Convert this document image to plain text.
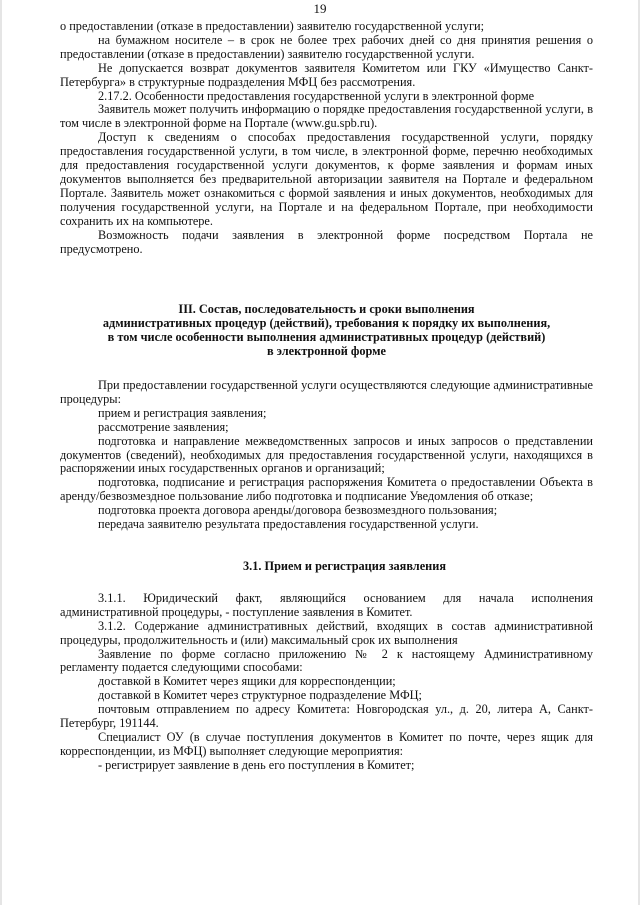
19

о предоставлении (отказе в предоставлении) заявителю государственной услуги;

на бумажном носителе – в срок не более трех рабочих дней со дня принятия решения о предоставлении (отказе в предоставлении) заявителю государственной услуги.

Не допускается возврат документов заявителя Комитетом или ГКУ «Имущество Санкт-Петербурга» в структурные подразделения МФЦ без рассмотрения.

2.17.2. Особенности предоставления государственной услуги в электронной форме

Заявитель может получить информацию о порядке предоставления государственной услуги, в том числе в электронной форме на Портале (www.gu.spb.ru).

Доступ к сведениям о способах предоставления государственной услуги, порядку предоставления государственной услуги, в том числе, в электронной форме, перечню необходимых для предоставления государственной услуги документов, к форме заявления и формам иных документов выполняется без предварительной авторизации заявителя на Портале и федеральном Портале. Заявитель может ознакомиться с формой заявления и иных документов, необходимых для получения государственной услуги, на Портале и на федеральном Портале, при необходимости сохранить их на компьютере.

Возможность подачи заявления в электронной форме посредством Портала не предусмотрено.

III. Состав, последовательность и сроки выполнения

административных процедур (действий), требования к порядку их выполнения,

в том числе особенности выполнения административных процедур (действий)

в электронной форме

При предоставлении государственной услуги осуществляются следующие административные процедуры:

прием и регистрация заявления;

рассмотрение заявления;

подготовка и направление межведомственных запросов и иных запросов о представлении документов (сведений), необходимых для предоставления государственной услуги, находящихся в распоряжении иных государственных органов и организаций;

подготовка, подписание и регистрация распоряжения Комитета о предоставлении Объекта в аренду/безвозмездное пользование либо подготовка и подписание Уведомления об отказе;

подготовка проекта договора аренды/договора безвозмездного пользования;

передача заявителю результата предоставления государственной услуги.

3.1. Прием и регистрация заявления

3.1.1. Юридический факт, являющийся основанием для начала исполнения административной процедуры, - поступление заявления в Комитет.

3.1.2. Содержание административных действий, входящих в состав административной процедуры, продолжительность и (или) максимальный срок их выполнения

Заявление по форме согласно приложению № 2 к настоящему Административному регламенту подается следующими способами:

доставкой в Комитет через ящики для корреспонденции;

доставкой в Комитет через структурное подразделение МФЦ;

почтовым отправлением по адресу Комитета: Новгородская ул., д. 20, литера А, Санкт-Петербург, 191144.

Специалист ОУ (в случае поступления документов в Комитет по почте, через ящик для корреспонденции, из МФЦ) выполняет следующие мероприятия:

- регистрирует заявление в день его поступления в Комитет;
